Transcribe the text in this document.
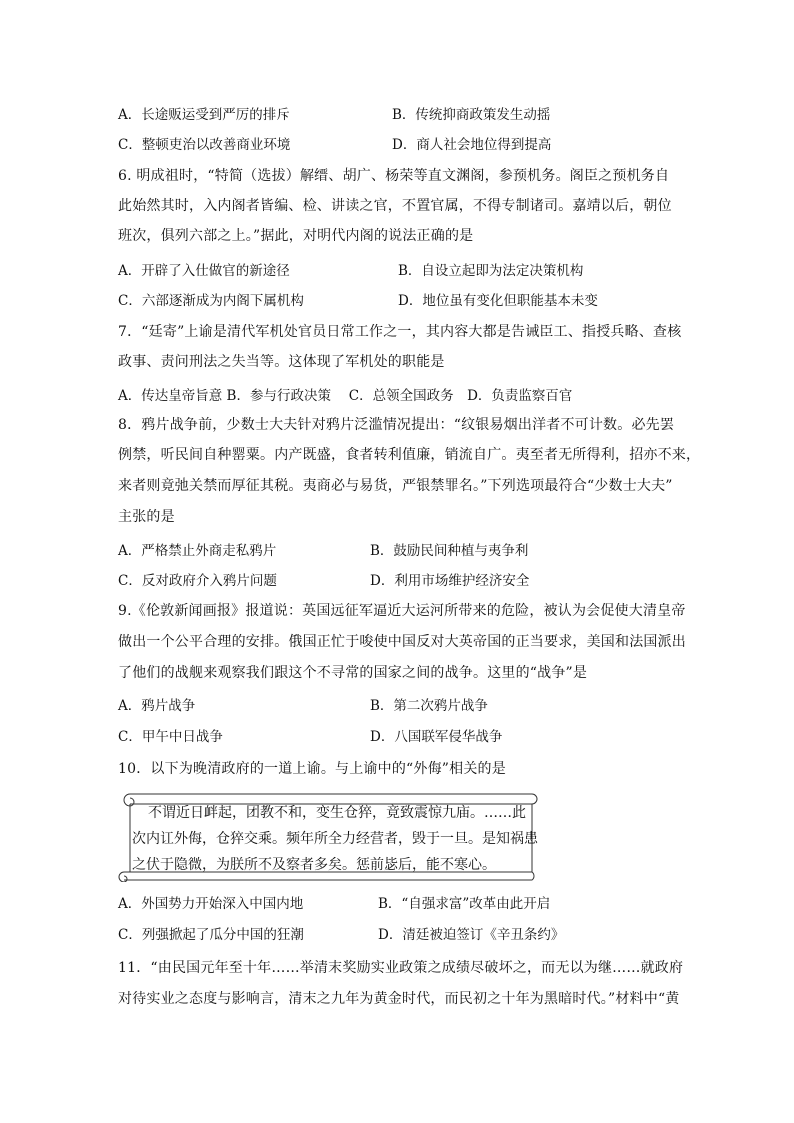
A．长途贩运受到严厉的排斥	B．传统抑商政策发生动摇
C．整顿吏治以改善商业环境	D．商人社会地位得到提高
6. 明成祖时，“特简（选拔）解缙、胡广、杨荣等直文渊阁，参预机务。阁臣之预机务自
此始然其时，入内阁者皆编、检、讲读之官，不置官属，不得专制诸司。嘉靖以后，朝位
班次，俱列六部之上。”据此，对明代内阁的说法正确的是
A．开辟了入仕做官的新途径	B．自设立起即为法定决策机构
C．六部逐渐成为内阁下属机构	D．地位虽有变化但职能基本未变
7．“廷寄”上谕是清代军机处官员日常工作之一，其内容大都是告诫臣工、指授兵略、查核
政事、责问刑法之失当等。这体现了军机处的职能是
A．传达皇帝旨意 B．参与行政决策　 C．总领全国政务　D．负责监察百官
8．鸦片战争前，少数士大夫针对鸦片泛滥情况提出：“纹银易烟出洋者不可计数。必先罢
例禁，听民间自种罂粟。内产既盛，食者转利值廉，销流自广。夷至者无所得利，招亦不来，
来者则竟弛关禁而厚征其税。夷商必与易货，严银禁罪名。”下列选项最符合“少数士大夫”
主张的是
A．严格禁止外商走私鸦片	B．鼓励民间种植与夷争利
C．反对政府介入鸦片问题	D．利用市场维护经济安全
9.《伦敦新闻画报》报道说：英国远征军逼近大运河所带来的危险，被认为会促使大清皇帝
做出一个公平合理的安排。俄国正忙于唆使中国反对大英帝国的正当要求，美国和法国派出
了他们的战舰来观察我们跟这个不寻常的国家之间的战争。这里的“战争”是
A．鸦片战争	B．第二次鸦片战争
C．甲午中日战争	D．八国联军侵华战争
10．以下为晚清政府的一道上谕。与上谕中的“外侮”相关的是
不谓近日衅起，团教不和，变生仓猝，竟致震惊九庙。……此
次内讧外侮，仓猝交乘。频年所全力经营者，毁于一旦。是知祸患
之伏于隐微，为朕所不及察者多矣。惩前毖后，能不寒心。
A．外国势力开始深入中国内地	B．“自强求富”改革由此开启
C．列强掀起了瓜分中国的狂潮	D．清廷被迫签订《辛丑条约》
11．“由民国元年至十年……举清末奖励实业政策之成绩尽破坏之，而无以为继……就政府
对待实业之态度与影响言，清末之九年为黄金时代，而民初之十年为黑暗时代。”材料中“黄
